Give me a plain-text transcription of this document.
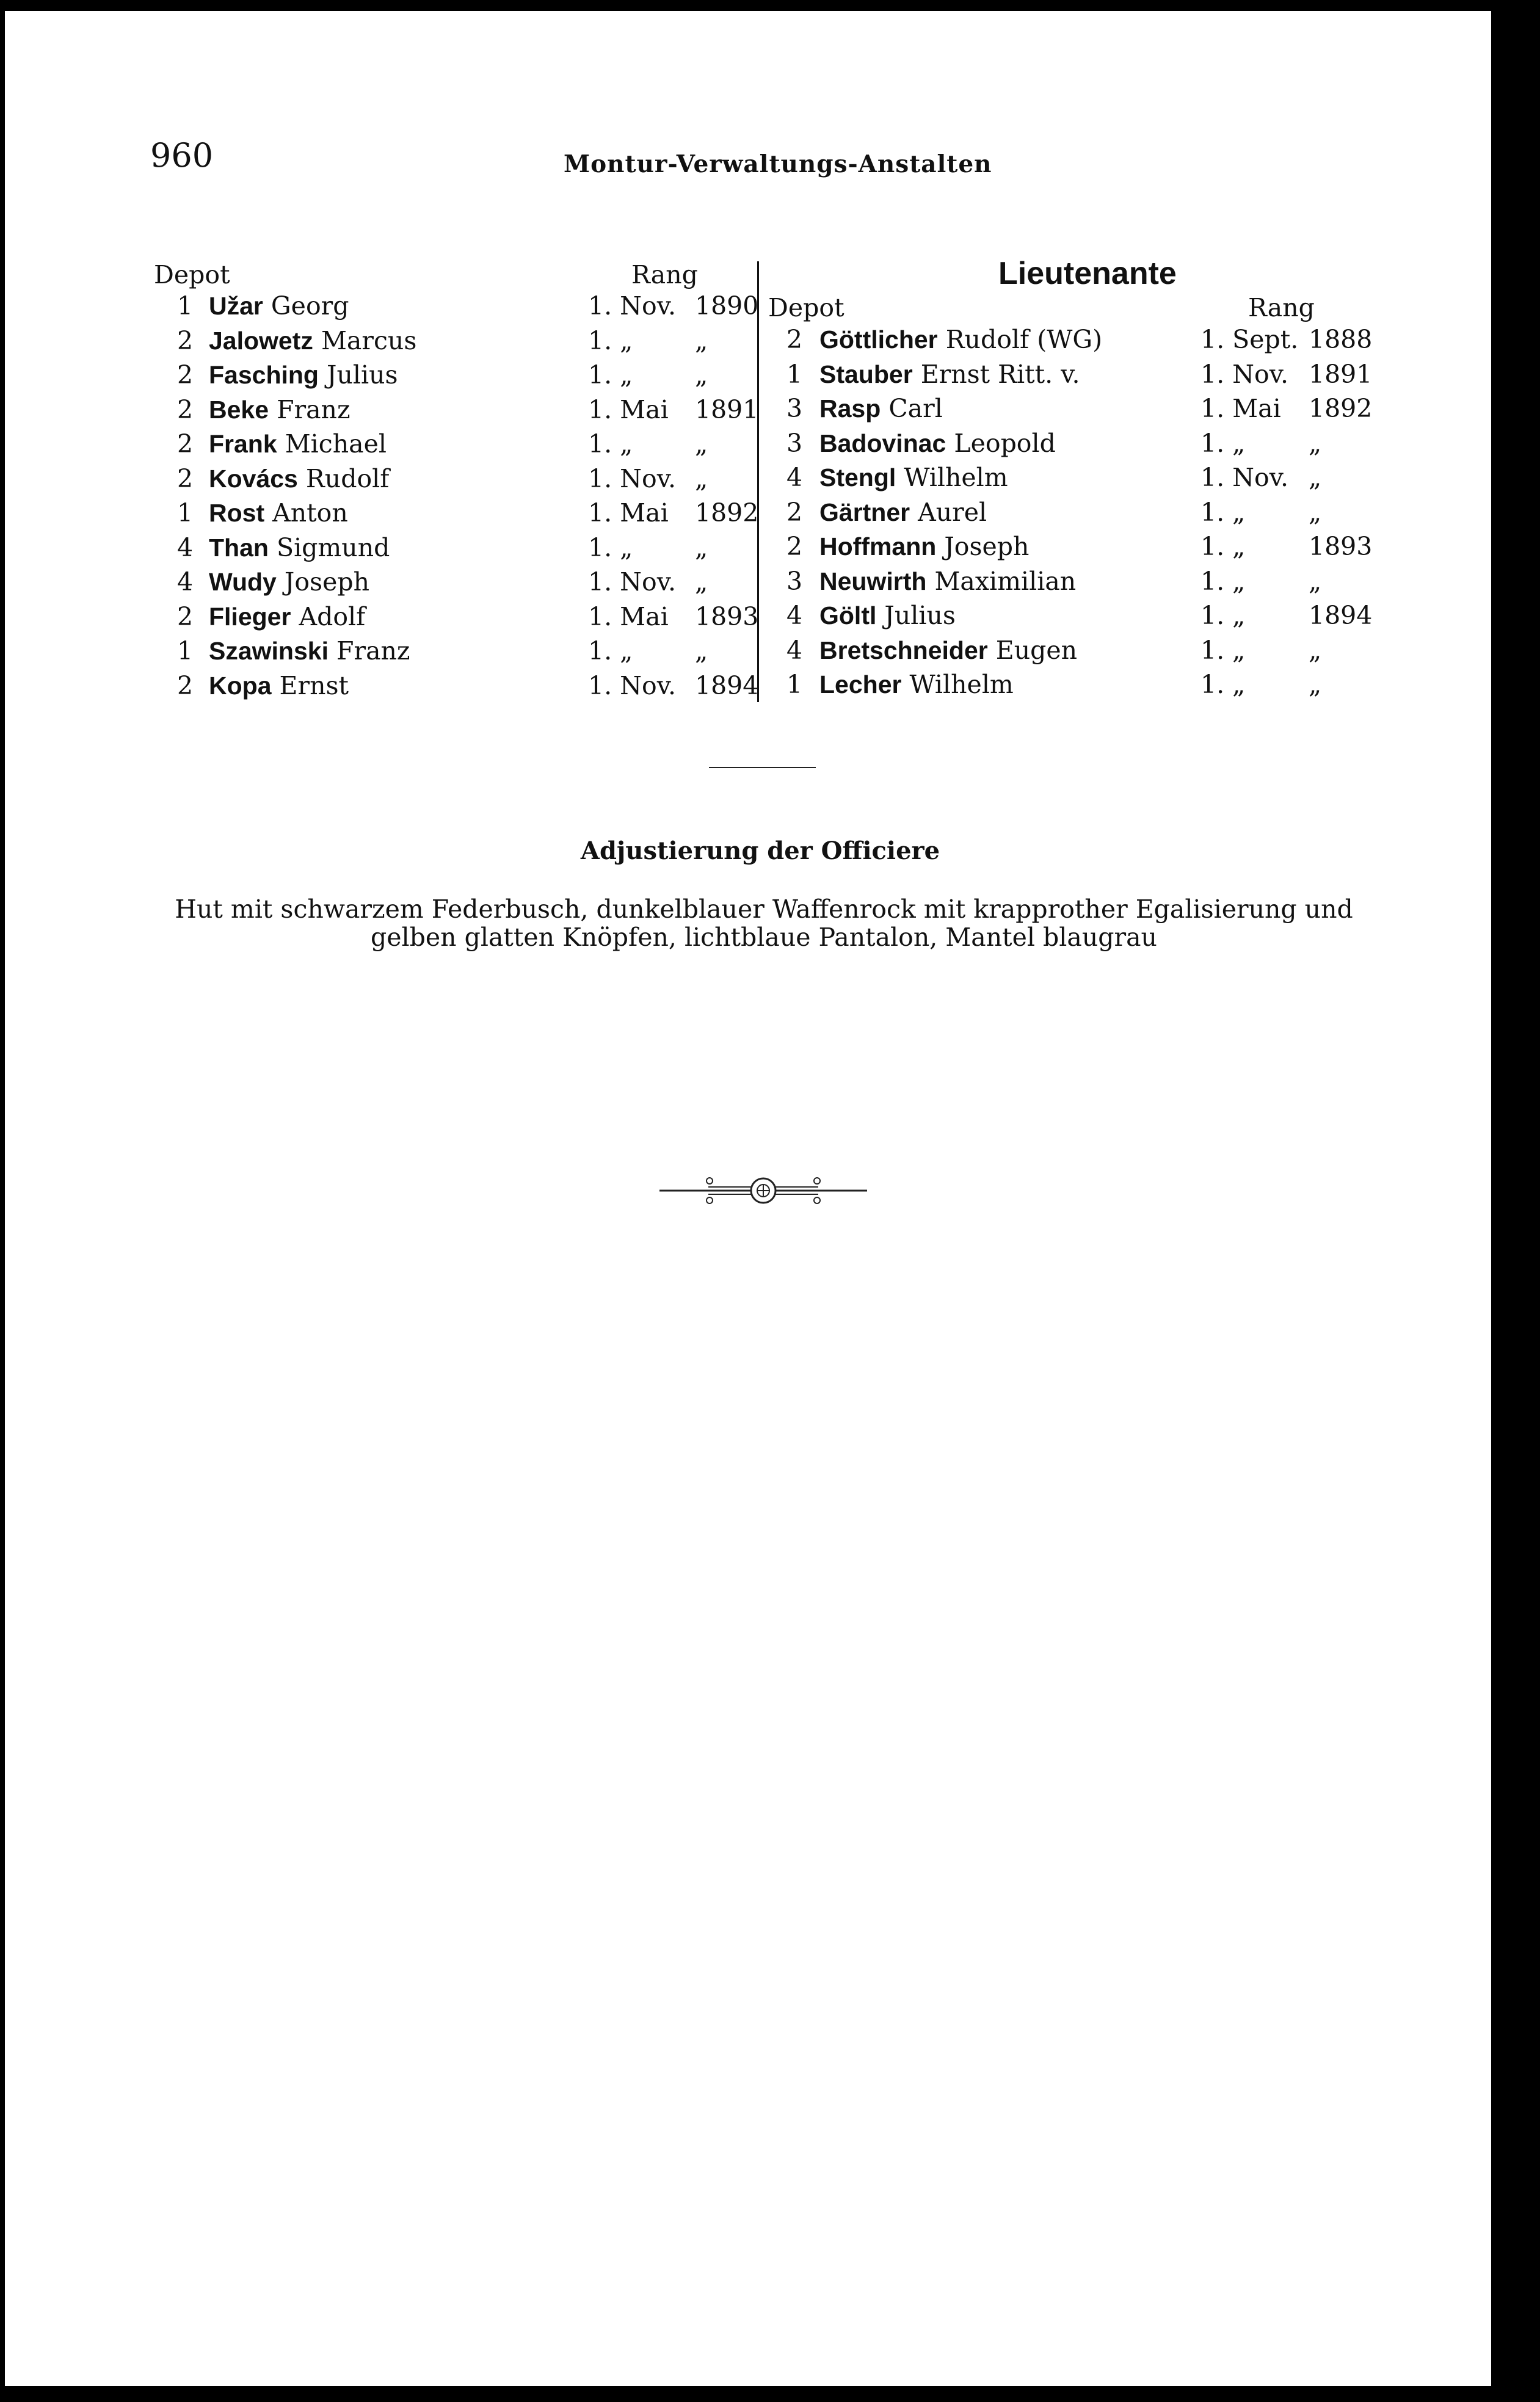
960	Montur-Verwaltungs-Anstalten
Depot	Rang	Lieutenante
Depot	Rang
1 Užar Georg	1. Nov. 1890
2 Jalowetz Marcus	1. „ „
2 Fasching Julius	1. „ „
2 Beke Franz	1. Mai 1891
2 Frank Michael	1. „ „
2 Kovács Rudolf	1. Nov. „
1 Rost Anton	1. Mai 1892
4 Than Sigmund	1. „ „
4 Wudy Joseph	1. Nov. „
2 Flieger Adolf	1. Mai 1893
1 Szawinski Franz	1. „ „
2 Kopa Ernst	1. Nov. 1894
2 Göttlicher Rudolf (WG)	1. Sept. 1888
1 Stauber Ernst Ritt. v.	1. Nov. 1891
3 Rasp Carl	1. Mai 1892
3 Badovinac Leopold	1. „	„
4 Stengl Wilhelm	1. Nov. „
2 Gärtner Aurel	1. „	„
2 Hoffmann Joseph	1. „	1893
3 Neuwirth Maximilian	1. „	„
4 Göltl Julius	1. „	1894
4 Bretschneider Eugen	1. „	„
1 Lecher Wilhelm	1. „	„
Adjustierung der Officiere
Hut mit schwarzem Federbusch, dunkelblauer Waffenrock mit krapprother Egalisierung und gelben glatten Knöpfen, lichtblaue Pantalon, Mantel blaugrau
